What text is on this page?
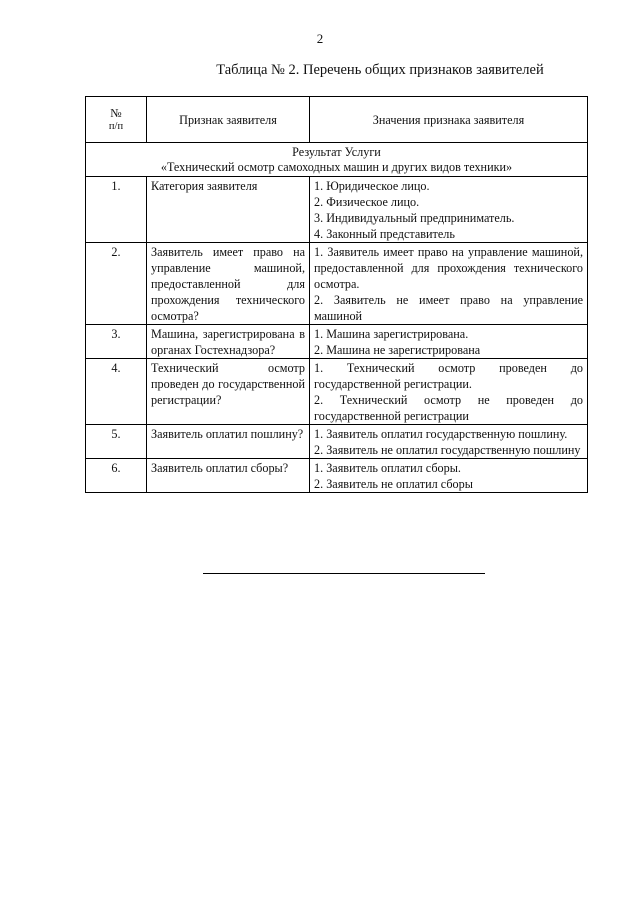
2
Таблица № 2. Перечень общих признаков заявителей
№
п/п	Признак заявителя	Значения признака заявителя

Результат Услуги
«Технический осмотр самоходных машин и других видов техники»		

1.	Категория заявителя	1. Юридическое лицо.
2. Физическое лицо.
3. Индивидуальный предприниматель.
4. Законный представитель

2.	Заявитель имеет право на управление машиной, предоставленной для прохождения технического осмотра?	1. Заявитель имеет право на управление машиной, предоставленной для прохождения технического осмотра.
2. Заявитель не имеет право на управление машиной

3.	Машина, зарегистрирована в органах Гостехнадзора?	1. Машина зарегистрирована.
2. Машина не зарегистрирована

4.	Технический осмотр проведен до государственной регистрации?	1. Технический осмотр проведен до государственной регистрации.
2. Технический осмотр не проведен до государственной регистрации

5.	Заявитель оплатил пошлину?	1. Заявитель оплатил государственную пошлину.
2. Заявитель не оплатил государственную пошлину

6.	Заявитель оплатил сборы?	1. Заявитель оплатил сборы.
2. Заявитель не оплатил сборы
